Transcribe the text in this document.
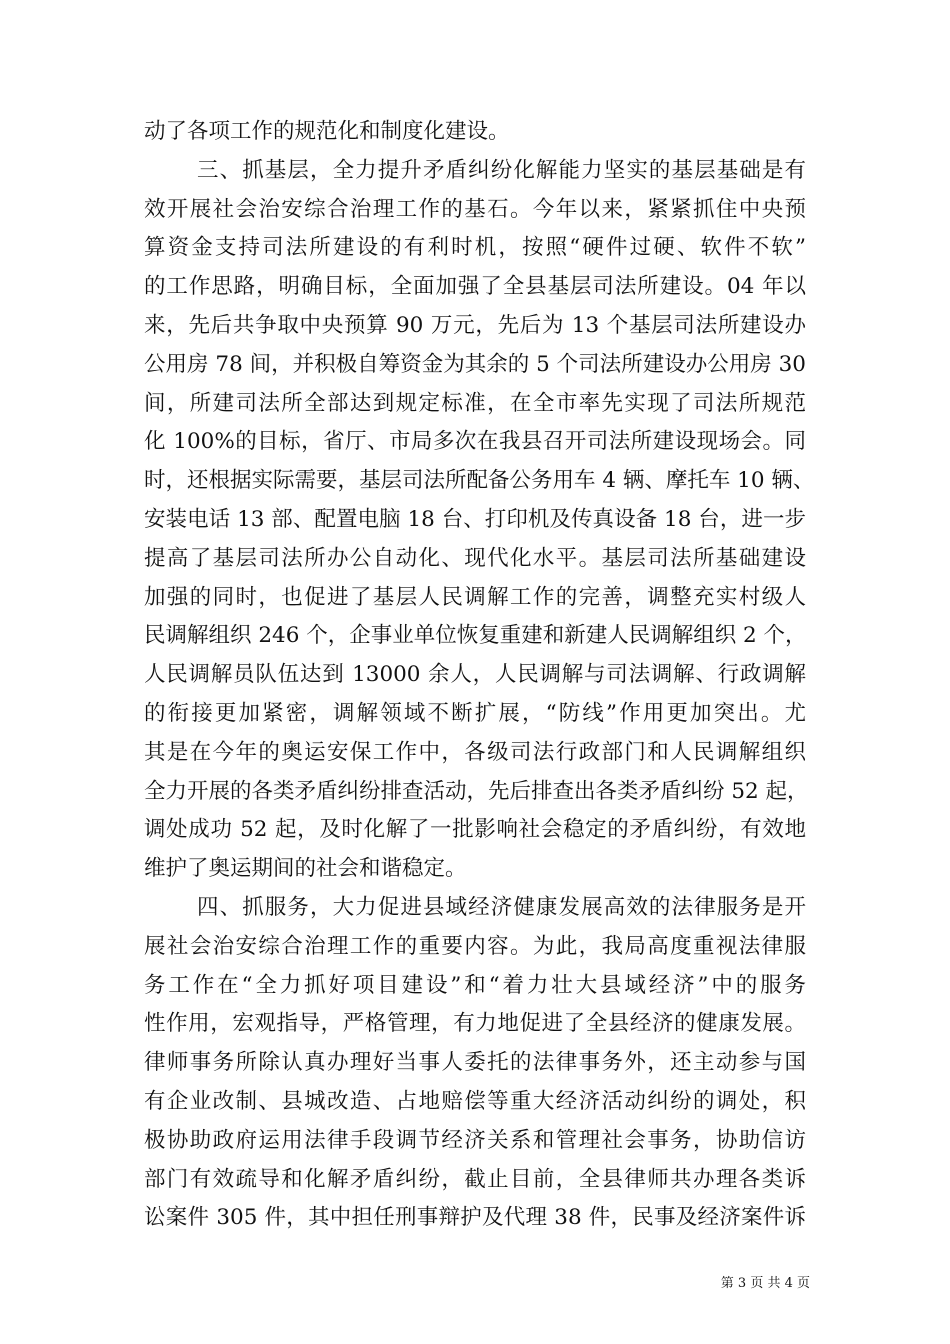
动了各项工作的规范化和制度化建设。
三、抓基层，全力提升矛盾纠纷化解能力坚实的基层基础是有
效开展社会治安综合治理工作的基石。今年以来，紧紧抓住中央预
算资金支持司法所建设的有利时机，按照“硬件过硬、软件不软”
的工作思路，明确目标，全面加强了全县基层司法所建设。04 年以
来，先后共争取中央预算 90 万元，先后为 13 个基层司法所建设办
公用房 78 间，并积极自筹资金为其余的 5 个司法所建设办公用房 30
间，所建司法所全部达到规定标准，在全市率先实现了司法所规范
化 100%的目标，省厅、市局多次在我县召开司法所建设现场会。同
时，还根据实际需要，基层司法所配备公务用车 4 辆、摩托车 10 辆、
安装电话 13 部、配置电脑 18 台、打印机及传真设备 18 台，进一步
提高了基层司法所办公自动化、现代化水平。基层司法所基础建设
加强的同时，也促进了基层人民调解工作的完善，调整充实村级人
民调解组织 246 个，企事业单位恢复重建和新建人民调解组织 2 个，
人民调解员队伍达到 13000 余人，人民调解与司法调解、行政调解
的衔接更加紧密，调解领域不断扩展，“防线”作用更加突出。尤
其是在今年的奥运安保工作中，各级司法行政部门和人民调解组织
全力开展的各类矛盾纠纷排查活动，先后排查出各类矛盾纠纷 52 起，
调处成功 52 起，及时化解了一批影响社会稳定的矛盾纠纷，有效地
维护了奥运期间的社会和谐稳定。
四、抓服务，大力促进县域经济健康发展高效的法律服务是开
展社会治安综合治理工作的重要内容。为此，我局高度重视法律服
务工作在“全力抓好项目建设”和“着力壮大县域经济”中的服务
性作用，宏观指导，严格管理，有力地促进了全县经济的健康发展。
律师事务所除认真办理好当事人委托的法律事务外，还主动参与国
有企业改制、县城改造、占地赔偿等重大经济活动纠纷的调处，积
极协助政府运用法律手段调节经济关系和管理社会事务，协助信访
部门有效疏导和化解矛盾纠纷，截止目前，全县律师共办理各类诉
讼案件 305 件，其中担任刑事辩护及代理 38 件，民事及经济案件诉
第 3 页 共 4 页
